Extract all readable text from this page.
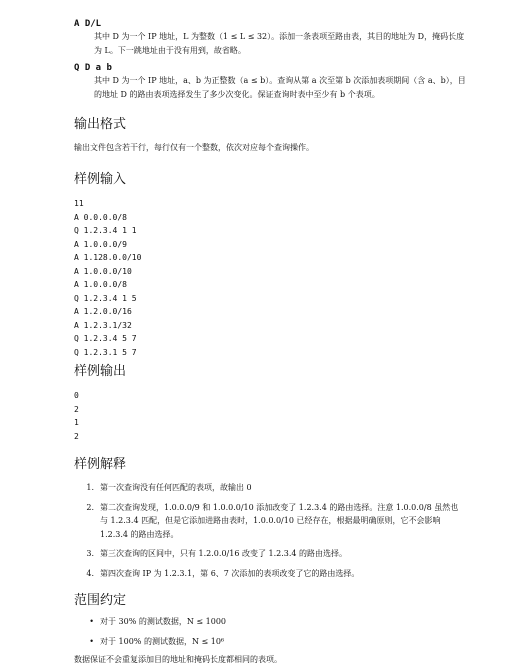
A D/L
其中 D 为一个 IP 地址，L 为整数（1 ≤ L ≤ 32）。添加一条表项至路由表，其目的地址为 D，掩码长度为 L。下一跳地址由于没有用到，故省略。
Q D a b
其中 D 为一个 IP 地址，a、b 为正整数（a ≤ b）。查询从第 a 次至第 b 次添加表项期间（含 a、b），目的地址 D 的路由表项选择发生了多少次变化。保证查询时表中至少有 b 个表项。
输出格式
输出文件包含若干行，每行仅有一个整数，依次对应每个查询操作。
样例输入
11
A 0.0.0.0/8
Q 1.2.3.4 1 1
A 1.0.0.0/9
A 1.128.0.0/10
A 1.0.0.0/10
A 1.0.0.0/8
Q 1.2.3.4 1 5
A 1.2.0.0/16
A 1.2.3.1/32
Q 1.2.3.4 5 7
Q 1.2.3.1 5 7
样例输出
0
2
1
2
样例解释
1. 第一次查询没有任何匹配的表项，故输出 0
2. 第二次查询发现，1.0.0.0/9 和 1.0.0.0/10 添加改变了 1.2.3.4 的路由选择。注意 1.0.0.0/8 虽然也与 1.2.3.4 匹配，但是它添加进路由表时，1.0.0.0/10 已经存在，根据最明确原则，它不会影响 1.2.3.4 的路由选择。
3. 第三次查询的区间中，只有 1.2.0.0/16 改变了 1.2.3.4 的路由选择。
4. 第四次查询 IP 为 1.2.3.1，第 6、7 次添加的表项改变了它的路由选择。
范围约定
• 对于 30% 的测试数据，N ≤ 1000
• 对于 100% 的测试数据，N ≤ 10⁶
数据保证不会重复添加目的地址和掩码长度都相同的表项。
